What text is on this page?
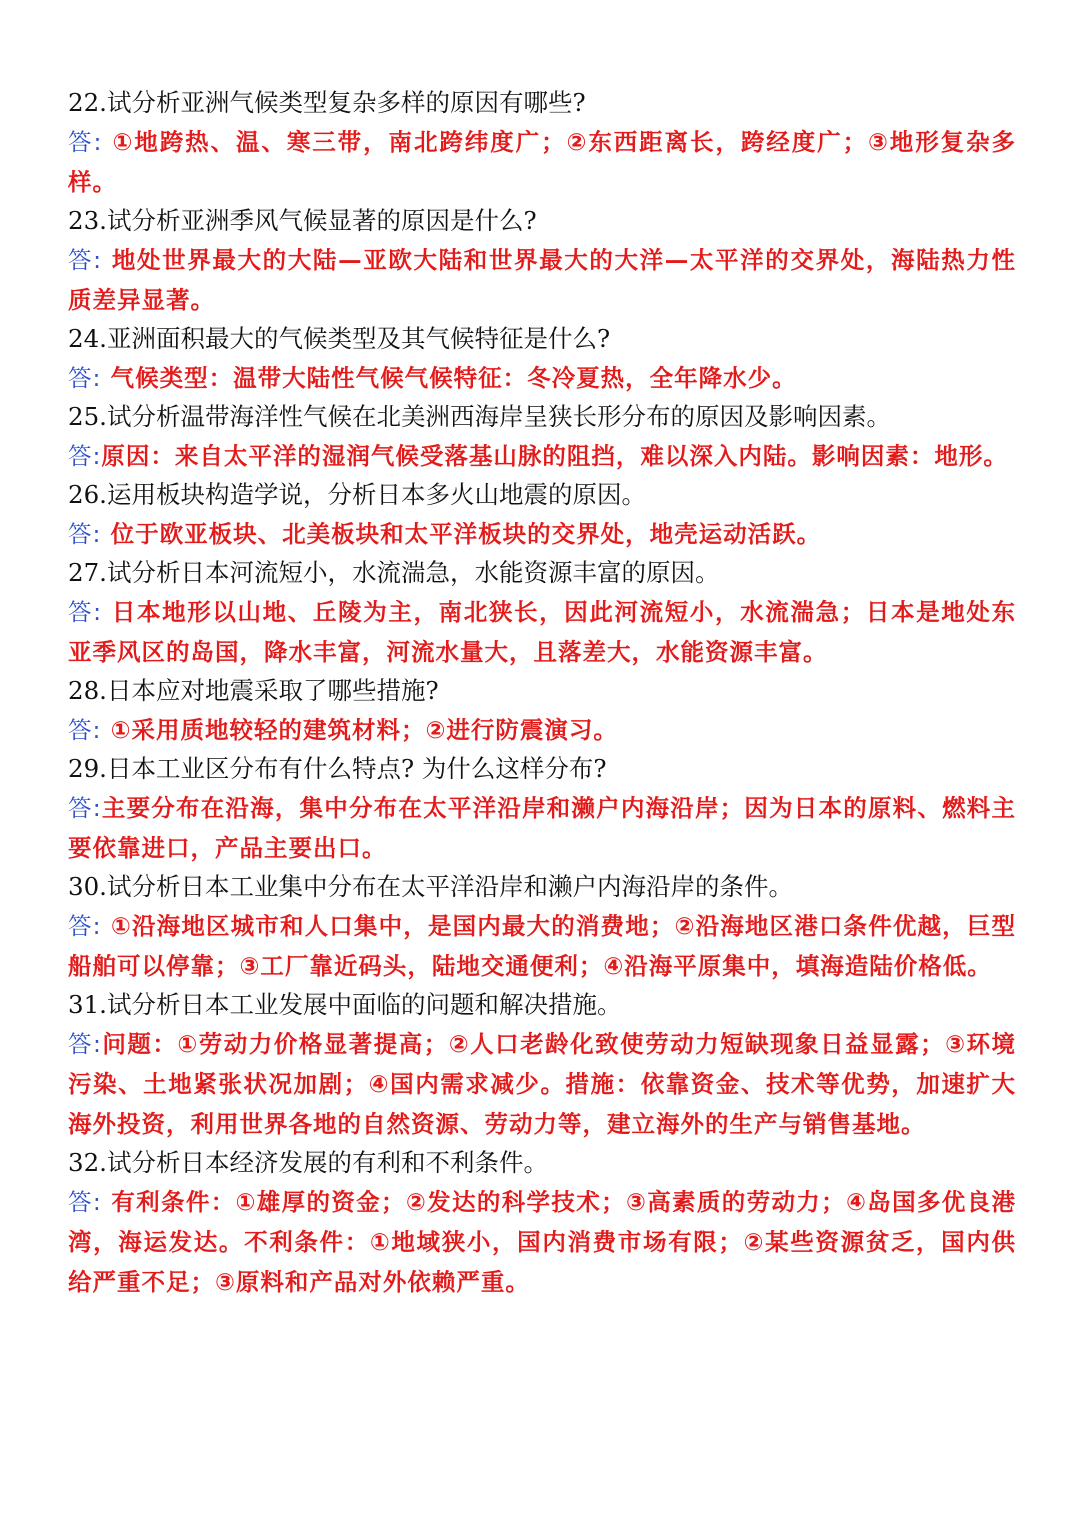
22.试分析亚洲气候类型复杂多样的原因有哪些?

答: ①地跨热、温、寒三带，南北跨纬度广；②东西距离长，跨经度广；③地形复杂多样。

23.试分析亚洲季风气候显著的原因是什么?

答: 地处世界最大的大陆—亚欧大陆和世界最大的大洋—太平洋的交界处，海陆热力性质差异显著。

24.亚洲面积最大的气候类型及其气候特征是什么?

答: 气候类型：温带大陆性气候气候特征：冬冷夏热，全年降水少。

25.试分析温带海洋性气候在北美洲西海岸呈狭长形分布的原因及影响因素。

答:原因：来自太平洋的湿润气候受落基山脉的阻挡，难以深入内陆。影响因素：地形。

26.运用板块构造学说，分析日本多火山地震的原因。

答: 位于欧亚板块、北美板块和太平洋板块的交界处，地壳运动活跃。

27.试分析日本河流短小，水流湍急，水能资源丰富的原因。

答: 日本地形以山地、丘陵为主，南北狭长，因此河流短小，水流湍急；日本是地处东亚季风区的岛国，降水丰富，河流水量大，且落差大，水能资源丰富。

28.日本应对地震采取了哪些措施?

答: ①采用质地较轻的建筑材料；②进行防震演习。

29.日本工业区分布有什么特点? 为什么这样分布?

答:主要分布在沿海，集中分布在太平洋沿岸和濑户内海沿岸；因为日本的原料、燃料主要依靠进口，产品主要出口。

30.试分析日本工业集中分布在太平洋沿岸和濑户内海沿岸的条件。

答: ①沿海地区城市和人口集中，是国内最大的消费地；②沿海地区港口条件优越，巨型船舶可以停靠；③工厂靠近码头，陆地交通便利；④沿海平原集中，填海造陆价格低。

31.试分析日本工业发展中面临的问题和解决措施。

答:问题：①劳动力价格显著提高；②人口老龄化致使劳动力短缺现象日益显露；③环境污染、土地紧张状况加剧；④国内需求减少。措施：依靠资金、技术等优势，加速扩大海外投资，利用世界各地的自然资源、劳动力等，建立海外的生产与销售基地。

32.试分析日本经济发展的有利和不利条件。

答: 有利条件：①雄厚的资金；②发达的科学技术；③高素质的劳动力；④岛国多优良港湾，海运发达。不利条件：①地域狭小，国内消费市场有限；②某些资源贫乏，国内供给严重不足；③原料和产品对外依赖严重。
